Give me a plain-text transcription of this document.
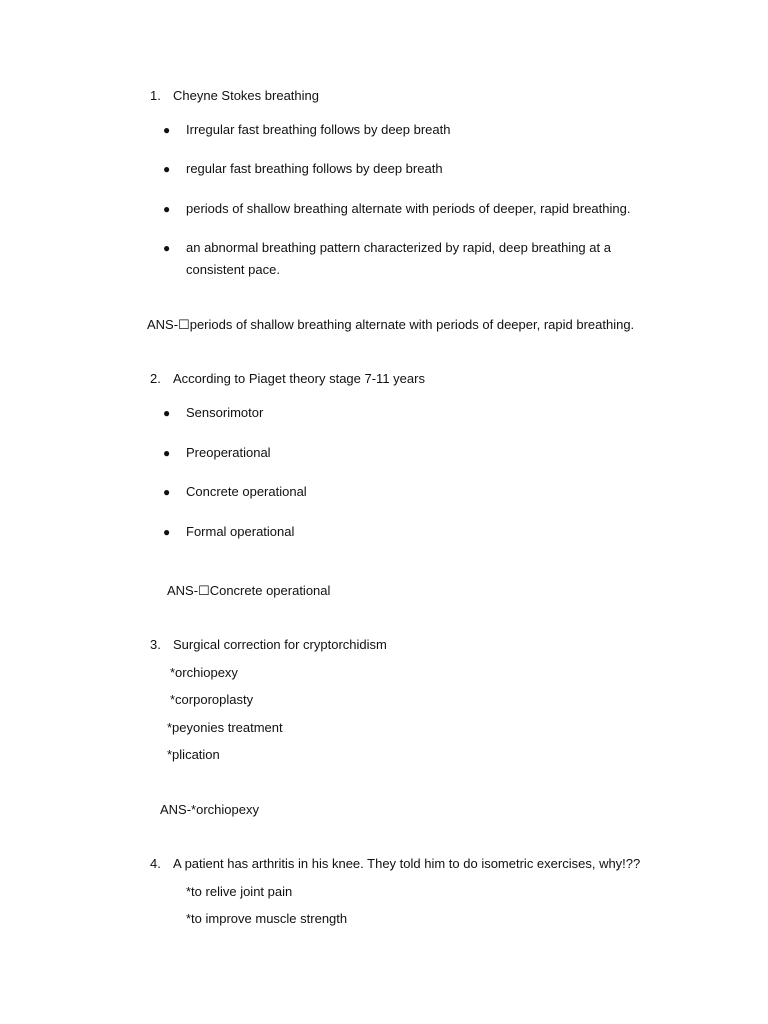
1. Cheyne Stokes breathing
● Irregular fast breathing follows by deep breath
● regular fast breathing follows by deep breath
● periods of shallow breathing alternate with periods of deeper, rapid breathing.
● an abnormal breathing pattern characterized by rapid, deep breathing at a consistent pace.
ANS-☐periods of shallow breathing alternate with periods of deeper, rapid breathing.
2. According to Piaget theory stage 7-11 years
● Sensorimotor
● Preoperational
● Concrete operational
● Formal operational
ANS-☐Concrete operational
3. Surgical correction for cryptorchidism
*orchiopexy
*corporoplasty
*peyonies treatment
*plication
ANS-*orchiopexy
4. A patient has arthritis in his knee. They told him to do isometric exercises, why!??
*to relive joint pain
*to improve muscle strength
